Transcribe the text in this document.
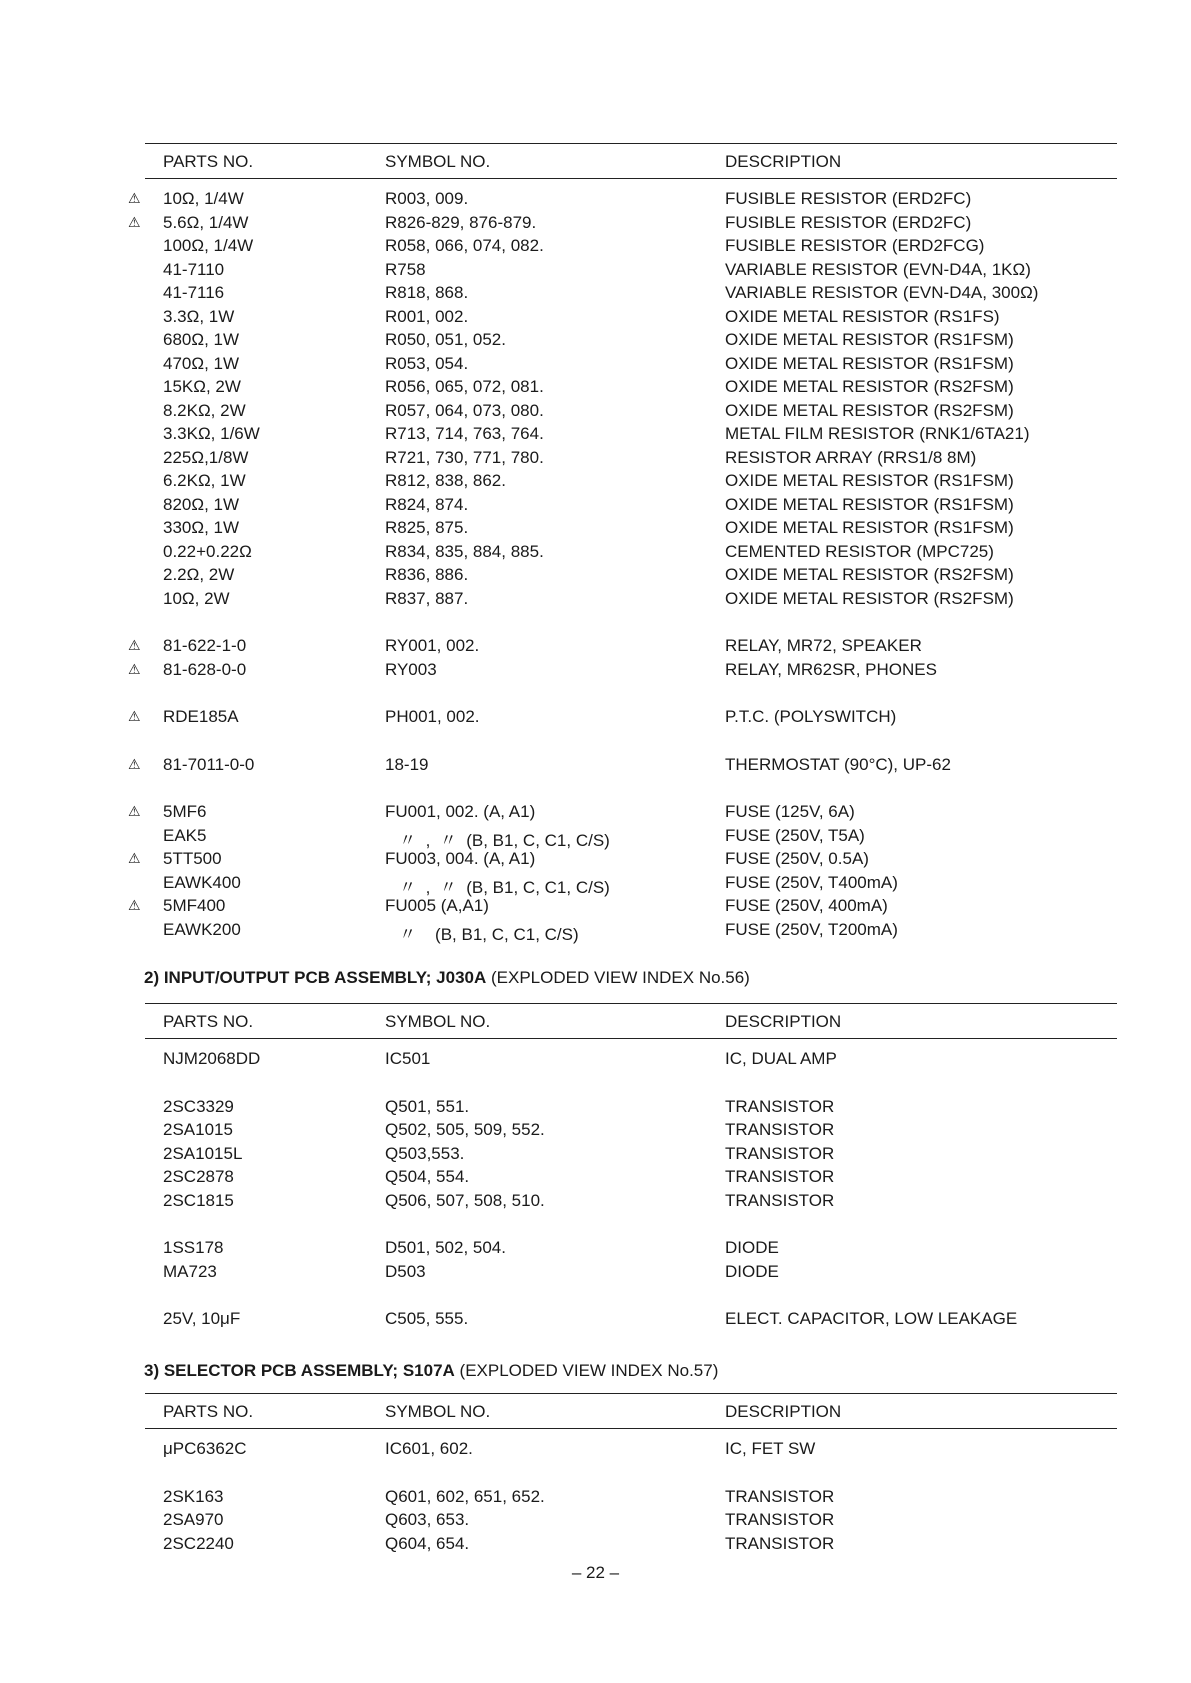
PARTS NO.	SYMBOL NO.	DESCRIPTION
⚠ 10Ω, 1/4W	R003, 009.	FUSIBLE RESISTOR (ERD2FC)
⚠ 5.6Ω, 1/4W	R826-829, 876-879.	FUSIBLE RESISTOR (ERD2FC)
100Ω, 1/4W	R058, 066, 074, 082.	FUSIBLE RESISTOR (ERD2FCG)
41-7110	R758	VARIABLE RESISTOR (EVN-D4A, 1KΩ)
41-7116	R818, 868.	VARIABLE RESISTOR (EVN-D4A, 300Ω)
3.3Ω, 1W	R001, 002.	OXIDE METAL RESISTOR (RS1FS)
680Ω, 1W	R050, 051, 052.	OXIDE METAL RESISTOR (RS1FSM)
470Ω, 1W	R053, 054.	OXIDE METAL RESISTOR (RS1FSM)
15KΩ, 2W	R056, 065, 072, 081.	OXIDE METAL RESISTOR (RS2FSM)
8.2KΩ, 2W	R057, 064, 073, 080.	OXIDE METAL RESISTOR (RS2FSM)
3.3KΩ, 1/6W	R713, 714, 763, 764.	METAL FILM RESISTOR (RNK1/6TA21)
225Ω,1/8W	R721, 730, 771, 780.	RESISTOR ARRAY (RRS1/8 8M)
6.2KΩ, 1W	R812, 838, 862.	OXIDE METAL RESISTOR (RS1FSM)
820Ω, 1W	R824, 874.	OXIDE METAL RESISTOR (RS1FSM)
330Ω, 1W	R825, 875.	OXIDE METAL RESISTOR (RS1FSM)
0.22+0.22Ω	R834, 835, 884, 885.	CEMENTED RESISTOR (MPC725)
2.2Ω, 2W	R836, 886.	OXIDE METAL RESISTOR (RS2FSM)
10Ω, 2W	R837, 887.	OXIDE METAL RESISTOR (RS2FSM)
⚠ 81-622-1-0	RY001, 002.	RELAY, MR72, SPEAKER
⚠ 81-628-0-0	RY003	RELAY, MR62SR, PHONES
⚠ RDE185A	PH001, 002.	P.T.C. (POLYSWITCH)
⚠ 81-7011-0-0	18-19	THERMOSTAT (90°C), UP-62
⚠ 5MF6	FU001, 002. (A, A1)	FUSE (125V, 6A)
EAK5	〃  ,  〃  (B, B1, C, C1, C/S)	FUSE (250V, T5A)
⚠ 5TT500	FU003, 004. (A, A1)	FUSE (250V, 0.5A)
EAWK400	〃  ,  〃  (B, B1, C, C1, C/S)	FUSE (250V, T400mA)
⚠ 5MF400	FU005 (A,A1)	FUSE (250V, 400mA)
EAWK200	〃    (B, B1, C, C1, C/S)	FUSE (250V, T200mA)
2) INPUT/OUTPUT PCB ASSEMBLY; J030A (EXPLODED VIEW INDEX No.56)
PARTS NO.	SYMBOL NO.	DESCRIPTION
NJM2068DD	IC501	IC, DUAL AMP
2SC3329	Q501, 551.	TRANSISTOR
2SA1015	Q502, 505, 509, 552.	TRANSISTOR
2SA1015L	Q503,553.	TRANSISTOR
2SC2878	Q504, 554.	TRANSISTOR
2SC1815	Q506, 507, 508, 510.	TRANSISTOR
1SS178	D501, 502, 504.	DIODE
MA723	D503	DIODE
25V, 10μF	C505, 555.	ELECT. CAPACITOR, LOW LEAKAGE
3) SELECTOR PCB ASSEMBLY; S107A (EXPLODED VIEW INDEX No.57)
PARTS NO.	SYMBOL NO.	DESCRIPTION
μPC6362C	IC601, 602.	IC, FET SW
2SK163	Q601, 602, 651, 652.	TRANSISTOR
2SA970	Q603, 653.	TRANSISTOR
2SC2240	Q604, 654.	TRANSISTOR
– 22 –
